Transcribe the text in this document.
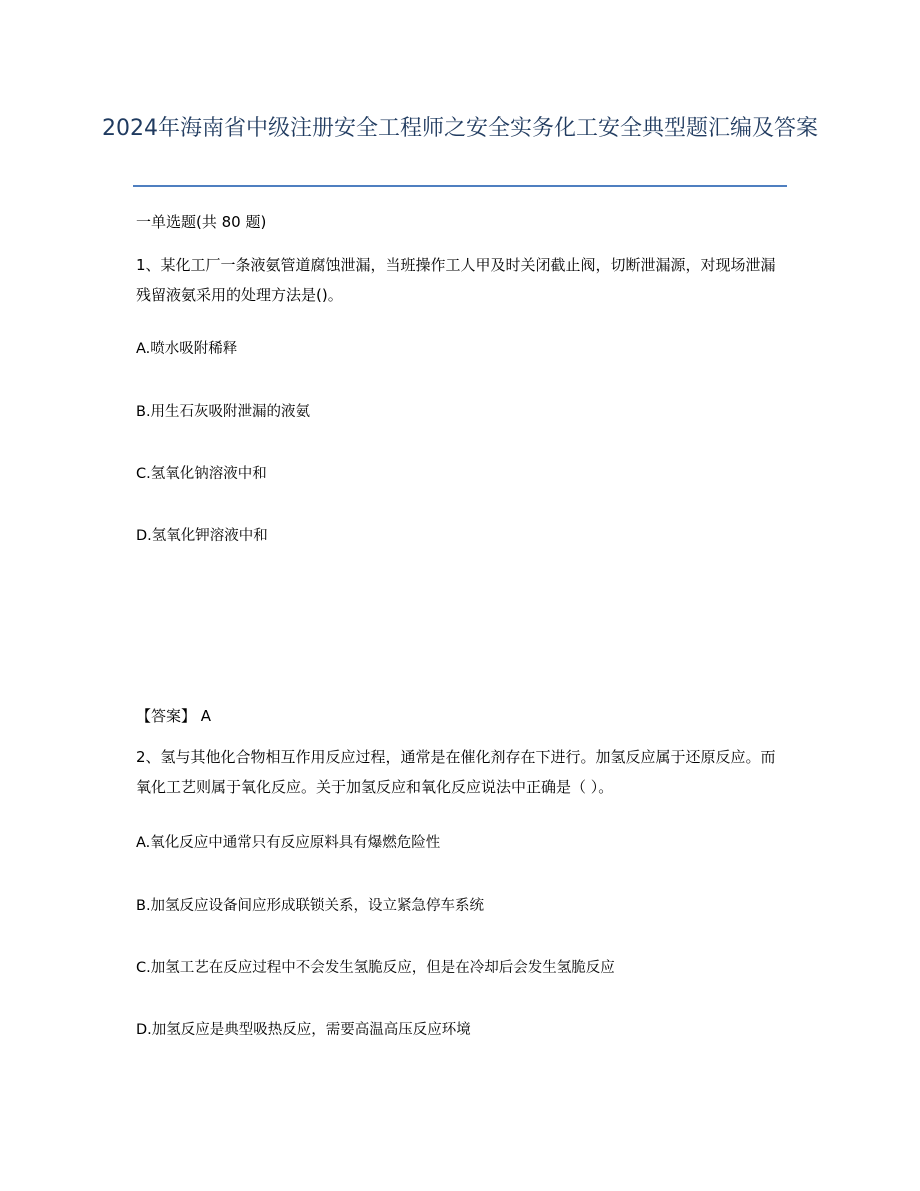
2024年海南省中级注册安全工程师之安全实务化工安全典型题汇编及答案
一单选题(共 80 题)
1、某化工厂一条液氨管道腐蚀泄漏，当班操作工人甲及时关闭截止阀，切断泄漏源，对现场泄漏残留液氨采用的处理方法是()。
A.喷水吸附稀释
B.用生石灰吸附泄漏的液氨
C.氢氧化钠溶液中和
D.氢氧化钾溶液中和
【答案】 A
2、氢与其他化合物相互作用反应过程，通常是在催化剂存在下进行。加氢反应属于还原反应。而氧化工艺则属于氧化反应。关于加氢反应和氧化反应说法中正确是（ ）。
A.氧化反应中通常只有反应原料具有爆燃危险性
B.加氢反应设备间应形成联锁关系，设立紧急停车系统
C.加氢工艺在反应过程中不会发生氢脆反应，但是在冷却后会发生氢脆反应
D.加氢反应是典型吸热反应，需要高温高压反应环境
